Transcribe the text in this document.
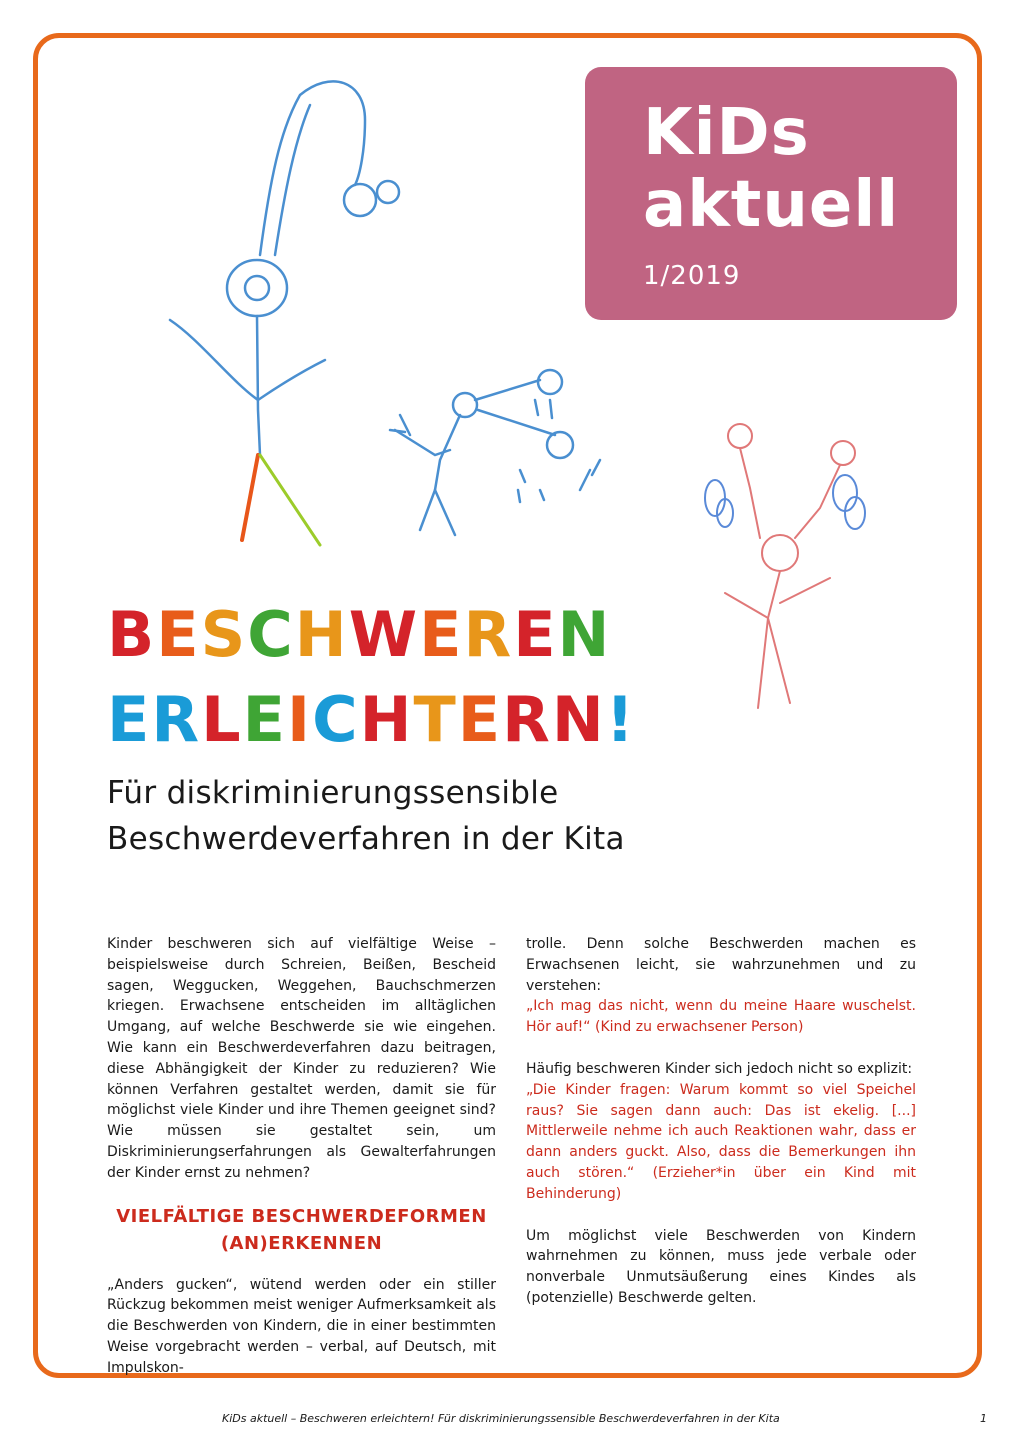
KiDs
aktuell
1/2019
BESCHWEREN
ERLEICHTERN!
Für diskriminierungssensible
Beschwerdeverfahren in der Kita

Kinder beschweren sich auf vielfältige Weise – beispielsweise durch Schreien, Beißen, Bescheid sagen, Weggucken, Weggehen, Bauchschmerzen kriegen. Erwachsene entscheiden im alltäglichen Umgang, auf welche Beschwerde sie wie eingehen. Wie kann ein Beschwerdeverfahren dazu beitragen, diese Abhängigkeit der Kinder zu reduzieren? Wie können Verfahren gestaltet werden, damit sie für möglichst viele Kinder und ihre Themen geeignet sind? Wie müssen sie gestaltet sein, um Diskriminierungserfahrungen als Gewalterfahrungen der Kinder ernst zu nehmen?

VIELFÄLTIGE BESCHWERDEFORMEN
(AN)ERKENNEN

„Anders gucken“, wütend werden oder ein stiller Rückzug bekommen meist weniger Aufmerksamkeit als die Beschwerden von Kindern, die in einer bestimmten Weise vorgebracht werden – verbal, auf Deutsch, mit Impulskon-

trolle. Denn solche Beschwerden machen es Erwachsenen leicht, sie wahrzunehmen und zu verstehen:

„Ich mag das nicht, wenn du meine Haare wuschelst. Hör auf!“ (Kind zu erwachsener Person)

Häufig beschweren Kinder sich jedoch nicht so explizit:

„Die Kinder fragen: Warum kommt so viel Speichel raus? Sie sagen dann auch: Das ist ekelig. [...] Mittlerweile nehme ich auch Reaktionen wahr, dass er dann anders guckt. Also, dass die Bemerkungen ihn auch stören.“ (Erzieher*in über ein Kind mit Behinderung)

Um möglichst viele Beschwerden von Kindern wahrnehmen zu können, muss jede verbale oder nonverbale Unmutsäußerung eines Kindes als (potenzielle) Beschwerde gelten.

KiDs aktuell – Beschweren erleichtern! Für diskriminierungssensible Beschwerdeverfahren in der Kita	1
